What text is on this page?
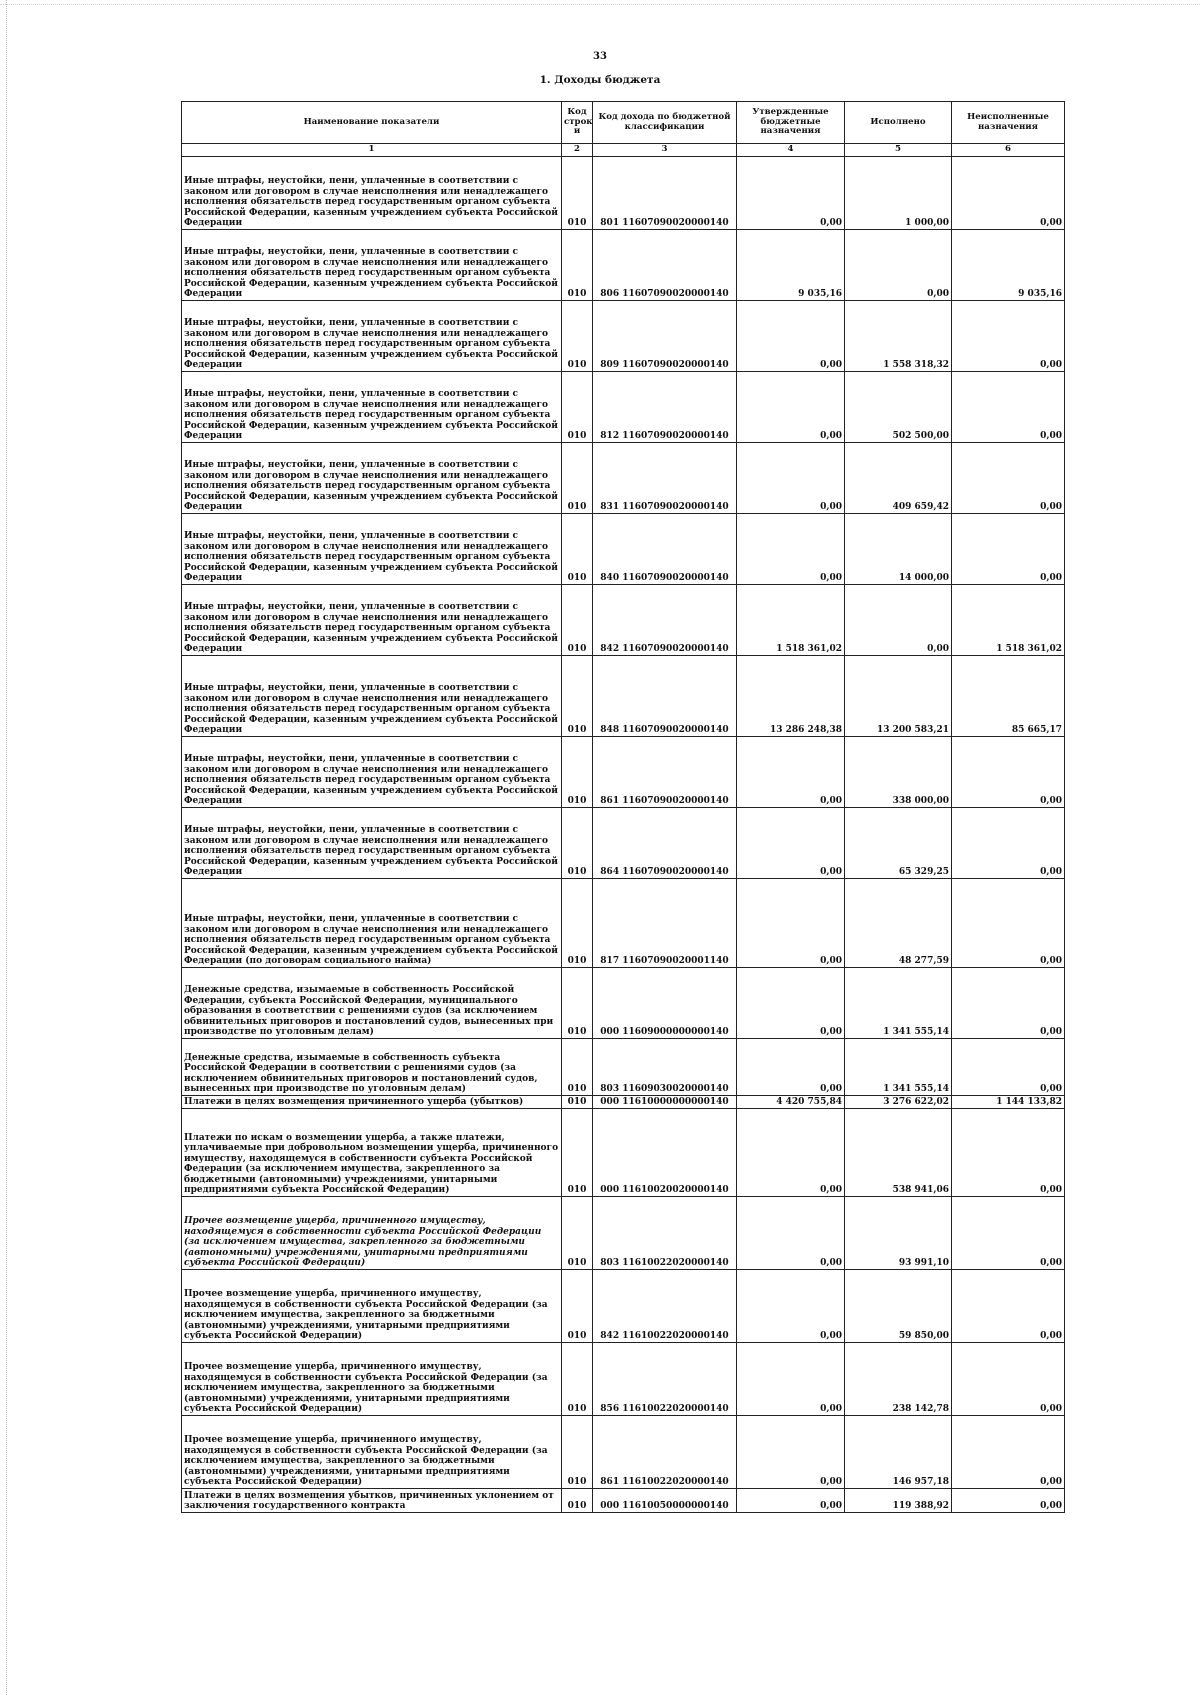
33
1. Доходы бюджета
Наименование показатели	Код строк и	Код дохода по бюджетной классификации	Утвержденные бюджетные назначения	Исполнено	Неисполненные назначения
1	2	3	4	5	6
Иные штрафы, неустойки, пени, уплаченные в соответствии с законом или договором в случае неисполнения или ненадлежащего исполнения обязательств перед государственным органом субъекта Российской Федерации, казенным учреждением субъекта Российской Федерации	010	801 11607090020000140	0,00	1 000,00	0,00
Иные штрафы, неустойки, пени, уплаченные в соответствии с законом или договором в случае неисполнения или ненадлежащего исполнения обязательств перед государственным органом субъекта Российской Федерации, казенным учреждением субъекта Российской Федерации	010	806 11607090020000140	9 035,16	0,00	9 035,16
Иные штрафы, неустойки, пени, уплаченные в соответствии с законом или договором в случае неисполнения или ненадлежащего исполнения обязательств перед государственным органом субъекта Российской Федерации, казенным учреждением субъекта Российской Федерации	010	809 11607090020000140	0,00	1 558 318,32	0,00
Иные штрафы, неустойки, пени, уплаченные в соответствии с законом или договором в случае неисполнения или ненадлежащего исполнения обязательств перед государственным органом субъекта Российской Федерации, казенным учреждением субъекта Российской Федерации	010	812 11607090020000140	0,00	502 500,00	0,00
Иные штрафы, неустойки, пени, уплаченные в соответствии с законом или договором в случае неисполнения или ненадлежащего исполнения обязательств перед государственным органом субъекта Российской Федерации, казенным учреждением субъекта Российской Федерации	010	831 11607090020000140	0,00	409 659,42	0,00
Иные штрафы, неустойки, пени, уплаченные в соответствии с законом или договором в случае неисполнения или ненадлежащего исполнения обязательств перед государственным органом субъекта Российской Федерации, казенным учреждением субъекта Российской Федерации	010	840 11607090020000140	0,00	14 000,00	0,00
Иные штрафы, неустойки, пени, уплаченные в соответствии с законом или договором в случае неисполнения или ненадлежащего исполнения обязательств перед государственным органом субъекта Российской Федерации, казенным учреждением субъекта Российской Федерации	010	842 11607090020000140	1 518 361,02	0,00	1 518 361,02
Иные штрафы, неустойки, пени, уплаченные в соответствии с законом или договором в случае неисполнения или ненадлежащего исполнения обязательств перед государственным органом субъекта Российской Федерации, казенным учреждением субъекта Российской Федерации	010	848 11607090020000140	13 286 248,38	13 200 583,21	85 665,17
Иные штрафы, неустойки, пени, уплаченные в соответствии с законом или договором в случае неисполнения или ненадлежащего исполнения обязательств перед государственным органом субъекта Российской Федерации, казенным учреждением субъекта Российской Федерации	010	861 11607090020000140	0,00	338 000,00	0,00
Иные штрафы, неустойки, пени, уплаченные в соответствии с законом или договором в случае неисполнения или ненадлежащего исполнения обязательств перед государственным органом субъекта Российской Федерации, казенным учреждением субъекта Российской Федерации	010	864 11607090020000140	0,00	65 329,25	0,00
Иные штрафы, неустойки, пени, уплаченные в соответствии с законом или договором в случае неисполнения или ненадлежащего исполнения обязательств перед государственным органом субъекта Российской Федерации, казенным учреждением субъекта Российской Федерации (по договорам социального найма)	010	817 11607090020001140	0,00	48 277,59	0,00
Денежные средства, изымаемые в собственность Российской Федерации, субъекта Российской Федерации, муниципального образования в соответствии с решениями судов (за исключением обвинительных приговоров и постановлений судов, вынесенных при производстве по уголовным делам)	010	000 11609000000000140	0,00	1 341 555,14	0,00
Денежные средства, изымаемые в собственность субъекта Российской Федерации в соответствии с решениями судов (за исключением обвинительных приговоров и постановлений судов, вынесенных при производстве по уголовным делам)	010	803 11609030020000140	0,00	1 341 555,14	0,00
Платежи в целях возмещения причиненного ущерба (убытков)	010	000 11610000000000140	4 420 755,84	3 276 622,02	1 144 133,82
Платежи по искам о возмещении ущерба, а также платежи, уплачиваемые при добровольном возмещении ущерба, причиненного имуществу, находящемуся в собственности субъекта Российской Федерации (за исключением имущества, закрепленного за бюджетными (автономными) учреждениями, унитарными предприятиями субъекта Российской Федерации)	010	000 11610020020000140	0,00	538 941,06	0,00
Прочее возмещение ущерба, причиненного имуществу, находящемуся в собственности субъекта Российской Федерации (за исключением имущества, закрепленного за бюджетными (автономными) учреждениями, унитарными предприятиями субъекта Российской Федерации)	010	803 11610022020000140	0,00	93 991,10	0,00
Прочее возмещение ущерба, причиненного имуществу, находящемуся в собственности субъекта Российской Федерации (за исключением имущества, закрепленного за бюджетными (автономными) учреждениями, унитарными предприятиями субъекта Российской Федерации)	010	842 11610022020000140	0,00	59 850,00	0,00
Прочее возмещение ущерба, причиненного имуществу, находящемуся в собственности субъекта Российской Федерации (за исключением имущества, закрепленного за бюджетными (автономными) учреждениями, унитарными предприятиями субъекта Российской Федерации)	010	856 11610022020000140	0,00	238 142,78	0,00
Прочее возмещение ущерба, причиненного имуществу, находящемуся в собственности субъекта Российской Федерации (за исключением имущества, закрепленного за бюджетными (автономными) учреждениями, унитарными предприятиями субъекта Российской Федерации)	010	861 11610022020000140	0,00	146 957,18	0,00
Платежи в целях возмещения убытков, причиненных уклонением от заключения государственного контракта	010	000 11610050000000140	0,00	119 388,92	0,00
